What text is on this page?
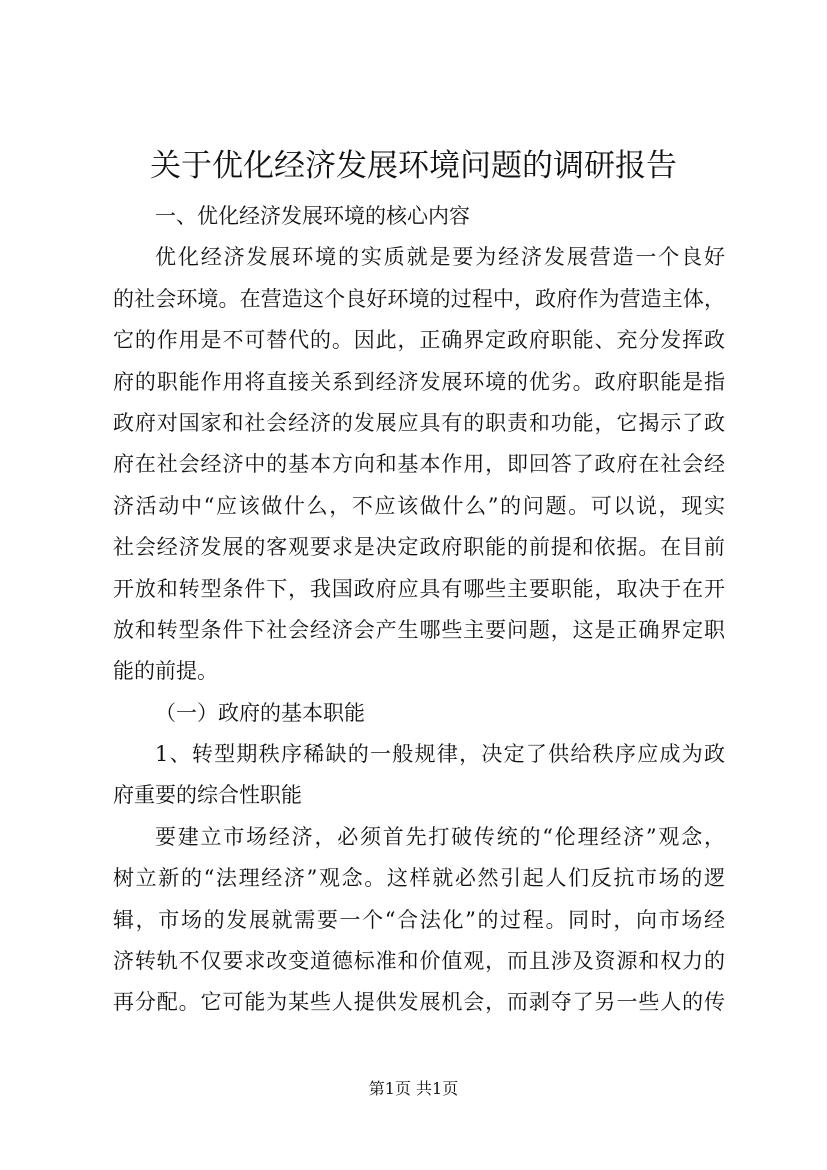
关于优化经济发展环境问题的调研报告
一、优化经济发展环境的核心内容
优化经济发展环境的实质就是要为经济发展营造一个良好
的社会环境。在营造这个良好环境的过程中，政府作为营造主体，
它的作用是不可替代的。因此，正确界定政府职能、充分发挥政
府的职能作用将直接关系到经济发展环境的优劣。政府职能是指
政府对国家和社会经济的发展应具有的职责和功能，它揭示了政
府在社会经济中的基本方向和基本作用，即回答了政府在社会经
济活动中“应该做什么，不应该做什么”的问题。可以说，现实
社会经济发展的客观要求是决定政府职能的前提和依据。在目前
开放和转型条件下，我国政府应具有哪些主要职能，取决于在开
放和转型条件下社会经济会产生哪些主要问题，这是正确界定职
能的前提。
（一）政府的基本职能
1、转型期秩序稀缺的一般规律，决定了供给秩序应成为政
府重要的综合性职能
要建立市场经济，必须首先打破传统的“伦理经济”观念，
树立新的“法理经济”观念。这样就必然引起人们反抗市场的逻
辑，市场的发展就需要一个“合法化”的过程。同时，向市场经
济转轨不仅要求改变道德标准和价值观，而且涉及资源和权力的
再分配。它可能为某些人提供发展机会，而剥夺了另一些人的传
第1页 共1页
